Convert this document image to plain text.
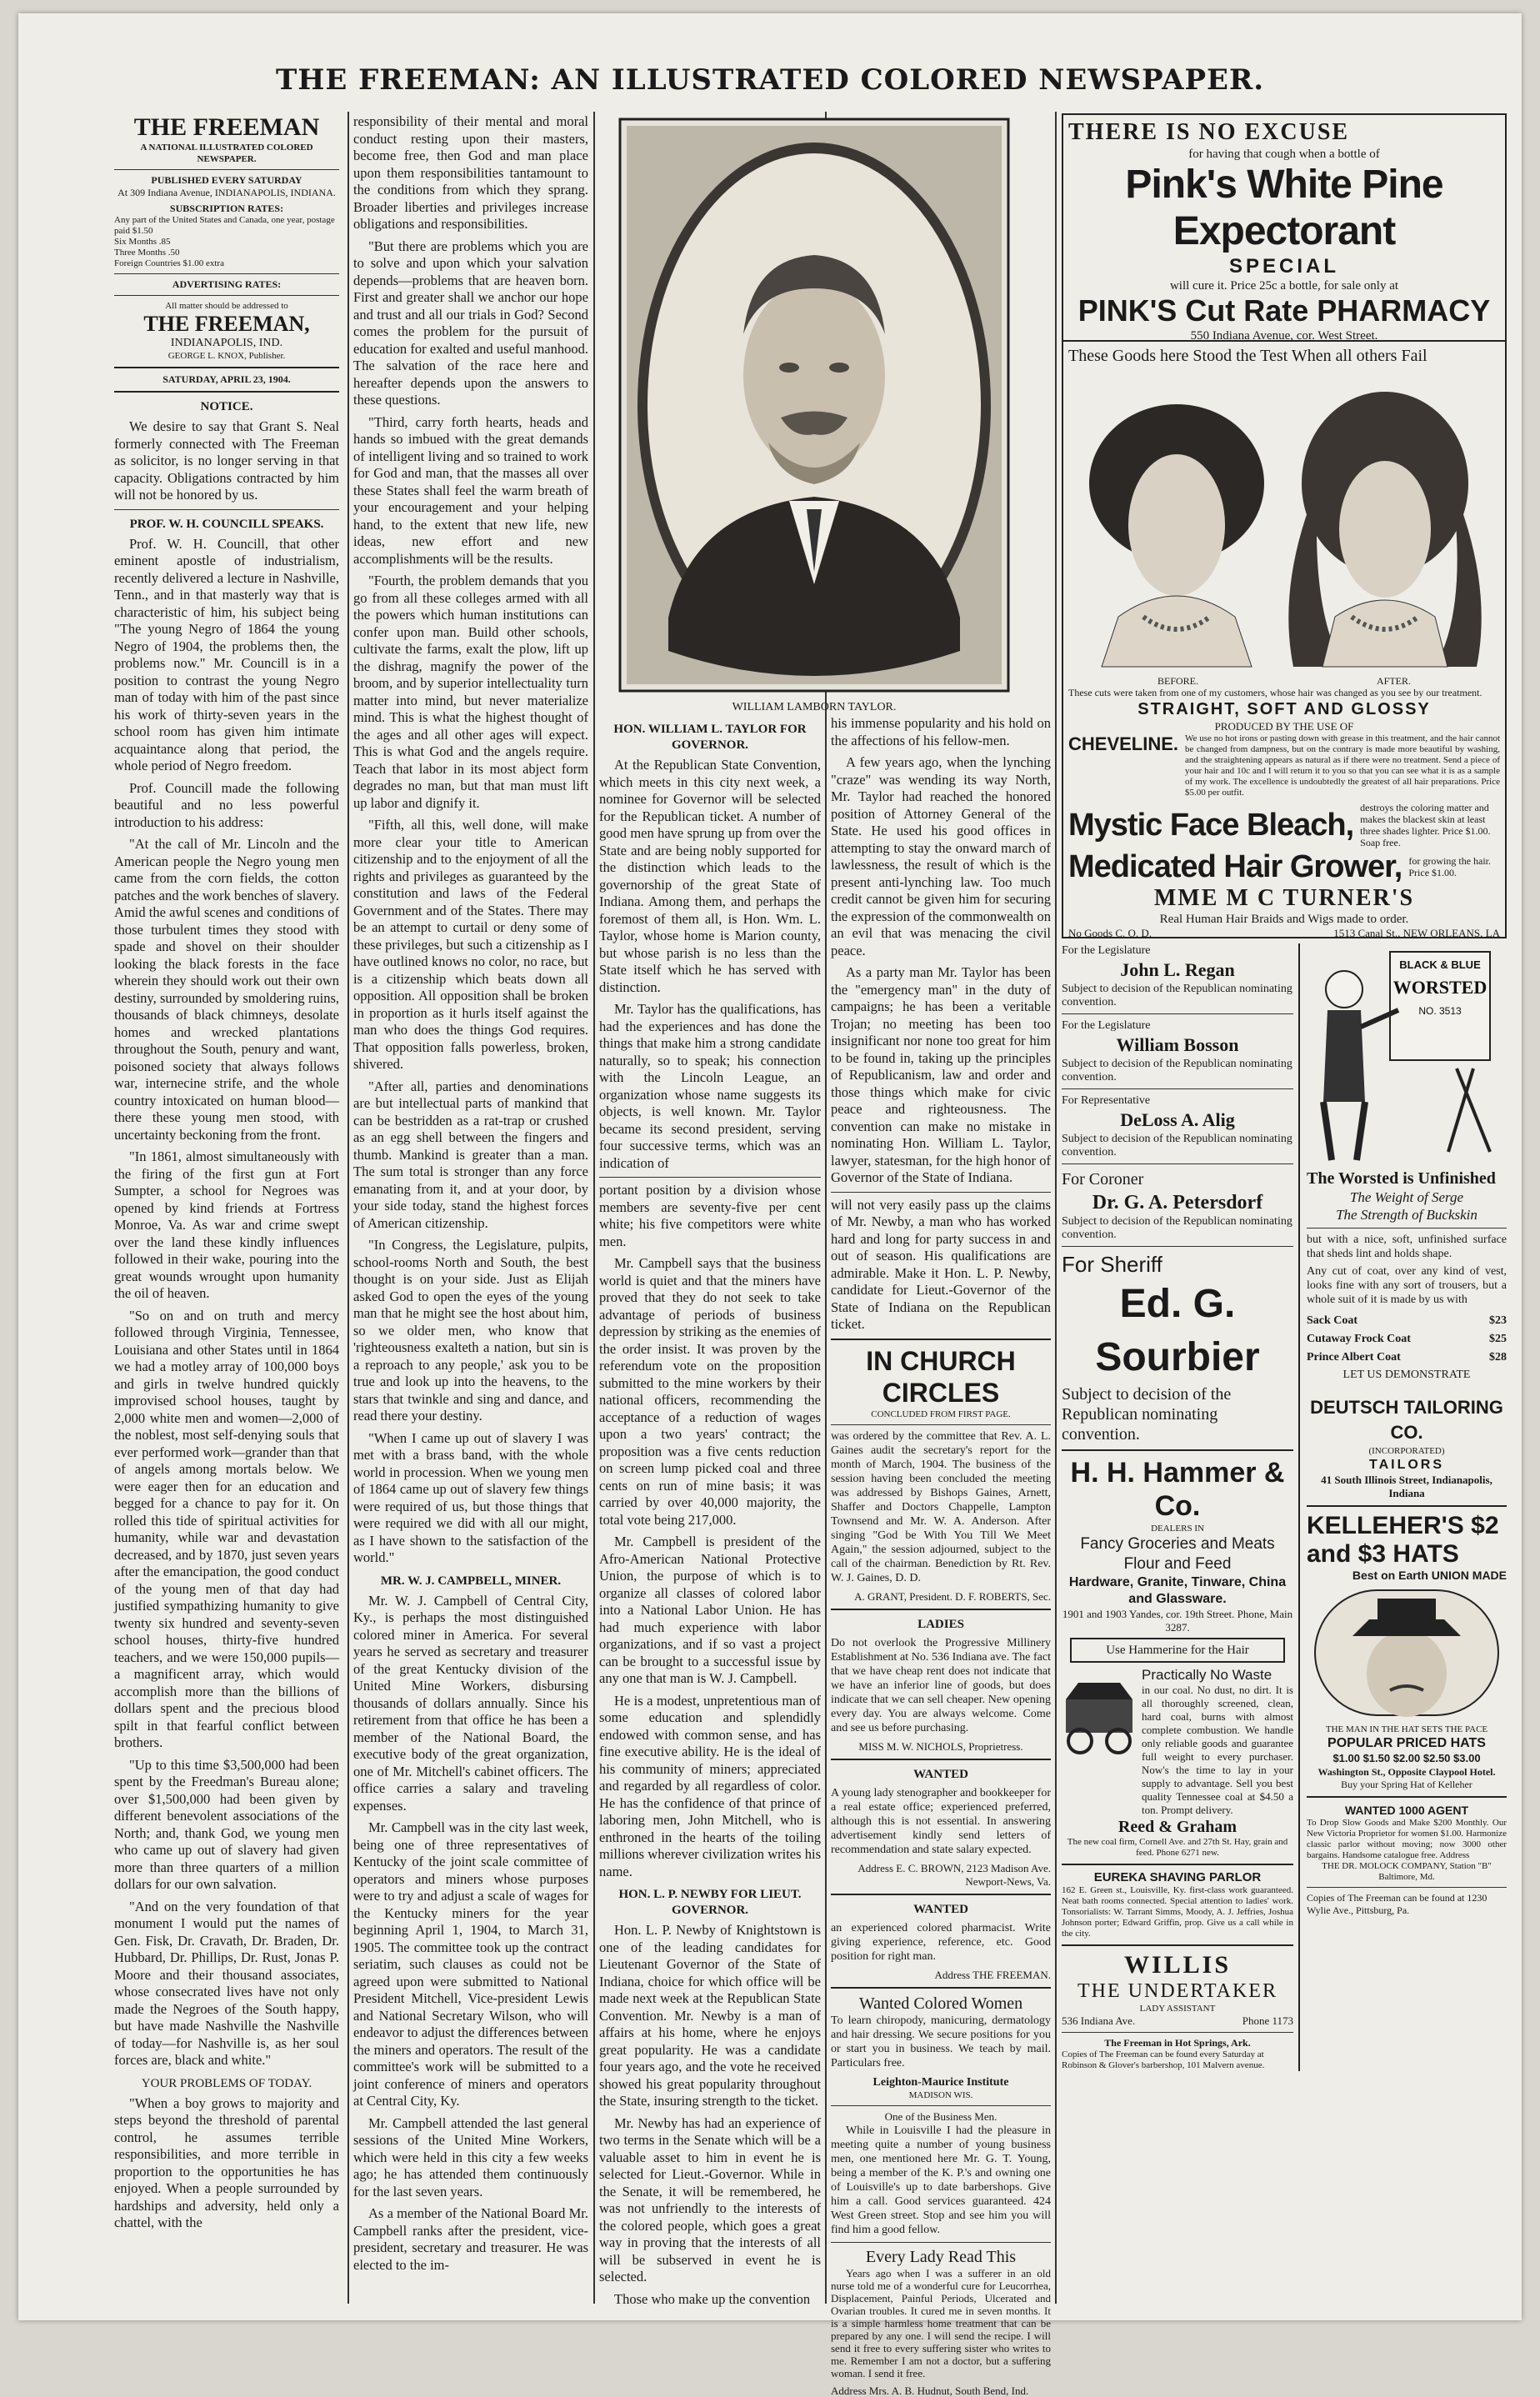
THE FREEMAN: AN ILLUSTRATED COLORED NEWSPAPER.
THE FREEMAN
A NATIONAL ILLUSTRATED COLORED NEWSPAPER.
PUBLISHED EVERY SATURDAY
At 309 Indiana Avenue, INDIANAPOLIS, INDIANA.
SUBSCRIPTION RATES:
Any part of the United States and Canada, one year, postage paid $1.50
Six Months .85
Three Months .50
Foreign Countries $1.00 extra
ADVERTISING RATES:
All matter should be addressed to
THE FREEMAN,
INDIANAPOLIS, IND.
GEORGE L. KNOX, Publisher.
SATURDAY, APRIL 23, 1904.
NOTICE.

We desire to say that Grant S. Neal formerly connected with The Freeman as solicitor, is no longer serving in that capacity. Obligations contracted by him will not be honored by us.

PROF. W. H. COUNCILL SPEAKS.

Prof. W. H. Councill, that other eminent apostle of industrialism, recently delivered a lecture in Nashville, Tenn., and in that masterly way that is characteristic of him, his subject being "The young Negro of 1864 the young Negro of 1904, the problems then, the problems now." Mr. Councill is in a position to contrast the young Negro man of today with him of the past since his work of thirty-seven years in the school room has given him intimate acquaintance along that period, the whole period of Negro freedom.

Prof. Councill made the following beautiful and no less powerful introduction to his address:

"At the call of Mr. Lincoln and the American people the Negro young men came from the corn fields, the cotton patches and the work benches of slavery. Amid the awful scenes and conditions of those turbulent times they stood with spade and shovel on their shoulder looking the black forests in the face wherein they should work out their own destiny, surrounded by smoldering ruins, thousands of black chimneys, desolate homes and wrecked plantations throughout the South, penury and want, poisoned society that always follows war, internecine strife, and the whole country intoxicated on human blood—there these young men stood, with uncertainty beckoning from the front.

"In 1861, almost simultaneously with the firing of the first gun at Fort Sumpter, a school for Negroes was opened by kind friends at Fortress Monroe, Va. As war and crime swept over the land these kindly influences followed in their wake, pouring into the great wounds wrought upon humanity the oil of heaven.

"So on and on truth and mercy followed through Virginia, Tennessee, Louisiana and other States until in 1864 we had a motley array of 100,000 boys and girls in twelve hundred quickly improvised school houses, taught by 2,000 white men and women—2,000 of the noblest, most self-denying souls that ever performed work—grander than that of angels among mortals below. We were eager then for an education and begged for a chance to pay for it. On rolled this tide of spiritual activities for humanity, while war and devastation decreased, and by 1870, just seven years after the emancipation, the good conduct of the young men of that day had justified sympathizing humanity to give twenty six hundred and seventy-seven school houses, thirty-five hundred teachers, and we were 150,000 pupils—a magnificent array, which would accomplish more than the billions of dollars spent and the precious blood spilt in that fearful conflict between brothers.

"Up to this time $3,500,000 had been spent by the Freedman's Bureau alone; over $1,500,000 had been given by different benevolent associations of the North; and, thank God, we young men who came up out of slavery had given more than three quarters of a million dollars for our own salvation.

"And on the very foundation of that monument I would put the names of Gen. Fisk, Dr. Cravath, Dr. Braden, Dr. Hubbard, Dr. Phillips, Dr. Rust, Jonas P. Moore and their thousand associates, whose consecrated lives have not only made the Negroes of the South happy, but have made Nashville the Nashville of today—for Nashville is, as her soul forces are, black and white."

YOUR PROBLEMS OF TODAY.

"When a boy grows to majority and steps beyond the threshold of parental control, he assumes terrible responsibilities, and more terrible in proportion to the opportunities he has enjoyed. When a people surrounded by hardships and adversity, held only a chattel, with the

responsibility of their mental and moral conduct resting upon their masters, become free, then God and man place upon them responsibilities tantamount to the conditions from which they sprang. Broader liberties and privileges increase obligations and responsibilities.

"But there are problems which you are to solve and upon which your salvation depends—problems that are heaven born. First and greater shall we anchor our hope and trust and all our trials in God? Second comes the problem for the pursuit of education for exalted and useful manhood. The salvation of the race here and hereafter depends upon the answers to these questions.

"Third, carry forth hearts, heads and hands so imbued with the great demands of intelligent living and so trained to work for God and man, that the masses all over these States shall feel the warm breath of your encouragement and your helping hand, to the extent that new life, new ideas, new effort and new accomplishments will be the results.

"Fourth, the problem demands that you go from all these colleges armed with all the powers which human institutions can confer upon man. Build other schools, cultivate the farms, exalt the plow, lift up the dishrag, magnify the power of the broom, and by superior intellectuality turn matter into mind, but never materialize mind. This is what the highest thought of the ages and all other ages will expect. This is what God and the angels require. Teach that labor in its most abject form degrades no man, but that man must lift up labor and dignify it.

"Fifth, all this, well done, will make more clear your title to American citizenship and to the enjoyment of all the rights and privileges as guaranteed by the constitution and laws of the Federal Government and of the States. There may be an attempt to curtail or deny some of these privileges, but such a citizenship as I have outlined knows no color, no race, but is a citizenship which beats down all opposition. All opposition shall be broken in proportion as it hurls itself against the man who does the things God requires. That opposition falls powerless, broken, shivered.

"After all, parties and denominations are but intellectual parts of mankind that can be bestridden as a rat-trap or crushed as an egg shell between the fingers and thumb. Mankind is greater than a man. The sum total is stronger than any force emanating from it, and at your door, by your side today, stand the highest forces of American citizenship.

"In Congress, the Legislature, pulpits, school-rooms North and South, the best thought is on your side. Just as Elijah asked God to open the eyes of the young man that he might see the host about him, so we older men, who know that 'righteousness exalteth a nation, but sin is a reproach to any people,' ask you to be true and look up into the heavens, to the stars that twinkle and sing and dance, and read there your destiny.

"When I came up out of slavery I was met with a brass band, with the whole world in procession. When we young men of 1864 came up out of slavery few things were required of us, but those things that were required we did with all our might, as I have shown to the satisfaction of the world."

MR. W. J. CAMPBELL, MINER.

Mr. W. J. Campbell of Central City, Ky., is perhaps the most distinguished colored miner in America. For several years he served as secretary and treasurer of the great Kentucky division of the United Mine Workers, disbursing thousands of dollars annually. Since his retirement from that office he has been a member of the National Board, the executive body of the great organization, one of Mr. Mitchell's cabinet officers. The office carries a salary and traveling expenses.

Mr. Campbell was in the city last week, being one of three representatives of Kentucky of the joint scale committee of operators and miners whose purposes were to try and adjust a scale of wages for the Kentucky miners for the year beginning April 1, 1904, to March 31, 1905. The committee took up the contract seriatim, such clauses as could not be agreed upon were submitted to National President Mitchell, Vice-president Lewis and National Secretary Wilson, who will endeavor to adjust the differences between the miners and operators. The result of the committee's work will be submitted to a joint conference of miners and operators at Central City, Ky.

Mr. Campbell attended the last general sessions of the United Mine Workers, which were held in this city a few weeks ago; he has attended them continuously for the last seven years.

As a member of the National Board Mr. Campbell ranks after the president, vice-president, secretary and treasurer. He was elected to the im-

WILLIAM LAMBORN TAYLOR.
HON. WILLIAM L. TAYLOR FOR GOVERNOR.

At the Republican State Convention, which meets in this city next week, a nominee for Governor will be selected for the Republican ticket. A number of good men have sprung up from over the State and are being nobly supported for the distinction which leads to the governorship of the great State of Indiana. Among them, and perhaps the foremost of them all, is Hon. Wm. L. Taylor, whose home is Marion county, but whose parish is no less than the State itself which he has served with distinction.

Mr. Taylor has the qualifications, has had the experiences and has done the things that make him a strong candidate naturally, so to speak; his connection with the Lincoln League, an organization whose name suggests its objects, is well known. Mr. Taylor became its second president, serving four successive terms, which was an indication of

portant position by a division whose members are seventy-five per cent white; his five competitors were white men.

Mr. Campbell says that the business world is quiet and that the miners have proved that they do not seek to take advantage of periods of business depression by striking as the enemies of the order insist. It was proven by the referendum vote on the proposition submitted to the mine workers by their national officers, recommending the acceptance of a reduction of wages upon a two years' contract; the proposition was a five cents reduction on screen lump picked coal and three cents on run of mine basis; it was carried by over 40,000 majority, the total vote being 217,000.

Mr. Campbell is president of the Afro-American National Protective Union, the purpose of which is to organize all classes of colored labor into a National Labor Union. He has had much experience with labor organizations, and if so vast a project can be brought to a successful issue by any one that man is W. J. Campbell.

He is a modest, unpretentious man of some education and splendidly endowed with common sense, and has fine executive ability. He is the ideal of his community of miners; appreciated and regarded by all regardless of color. He has the confidence of that prince of laboring men, John Mitchell, who is enthroned in the hearts of the toiling millions wherever civilization writes his name.

HON. L. P. NEWBY FOR LIEUT. GOVERNOR.

Hon. L. P. Newby of Knightstown is one of the leading candidates for Lieutenant Governor of the State of Indiana, choice for which office will be made next week at the Republican State Convention. Mr. Newby is a man of affairs at his home, where he enjoys great popularity. He was a candidate four years ago, and the vote he received showed his great popularity throughout the State, insuring strength to the ticket.

Mr. Newby has had an experience of two terms in the Senate which will be a valuable asset to him in event he is selected for Lieut.-Governor. While in the Senate, it will be remembered, he was not unfriendly to the interests of the colored people, which goes a great way in proving that the interests of all will be subserved in event he is selected.

Those who make up the convention

his immense popularity and his hold on the affections of his fellow-men.

A few years ago, when the lynching "craze" was wending its way North, Mr. Taylor had reached the honored position of Attorney General of the State. He used his good offices in attempting to stay the onward march of lawlessness, the result of which is the present anti-lynching law. Too much credit cannot be given him for securing the expression of the commonwealth on an evil that was menacing the civil peace.

As a party man Mr. Taylor has been the "emergency man" in the duty of campaigns; he has been a veritable Trojan; no meeting has been too insignificant nor none too great for him to be found in, taking up the principles of Republicanism, law and order and those things which make for civic peace and righteousness. The convention can make no mistake in nominating Hon. William L. Taylor, lawyer, statesman, for the high honor of Governor of the State of Indiana.

will not very easily pass up the claims of Mr. Newby, a man who has worked hard and long for party success in and out of season. His qualifications are admirable. Make it Hon. L. P. Newby, candidate for Lieut.-Governor of the State of Indiana on the Republican ticket.

IN CHURCH CIRCLES
CONCLUDED FROM FIRST PAGE.

was ordered by the committee that Rev. A. L. Gaines audit the secretary's report for the month of March, 1904. The business of the session having been concluded the meeting was addressed by Bishops Gaines, Arnett, Shaffer and Doctors Chappelle, Lampton Townsend and Mr. W. A. Anderson. After singing "God be With You Till We Meet Again," the session adjourned, subject to the call of the chairman. Benediction by Rt. Rev. W. J. Gaines, D. D.

A. GRANT, President. D. F. ROBERTS, Sec.
LADIES

Do not overlook the Progressive Millinery Establishment at No. 536 Indiana ave. The fact that we have cheap rent does not indicate that we have an inferior line of goods, but does indicate that we can sell cheaper. New opening every day. You are always welcome. Come and see us before purchasing.

MISS M. W. NICHOLS, Proprietress.
WANTED

A young lady stenographer and bookkeeper for a real estate office; experienced preferred, although this is not essential. In answering advertisement kindly send letters of recommendation and state salary expected.

Address E. C. BROWN, 2123 Madison Ave. Newport-News, Va.
WANTED

an experienced colored pharmacist. Write giving experience, reference, etc. Good position for right man.

Address THE FREEMAN.
Wanted Colored Women

To learn chiropody, manicuring, dermatology and hair dressing. We secure positions for you or start you in business. We teach by mail. Particulars free.

Leighton-Maurice Institute
MADISON WIS.
One of the Business Men.

While in Louisville I had the pleasure in meeting quite a number of young business men, one mentioned here Mr. G. T. Young, being a member of the K. P.'s and owning one of Louisville's up to date barbershops. Give him a call. Good services guaranteed. 424 West Green street. Stop and see him you will find him a good fellow.

Every Lady Read This

Years ago when I was a sufferer in an old nurse told me of a wonderful cure for Leucorrhea, Displacement, Painful Periods, Ulcerated and Ovarian troubles. It cured me in seven months. It is a simple harmless home treatment that can be prepared by any one. I will send the recipe. I will send it free to every suffering sister who writes to me. Remember I am not a doctor, but a suffering woman. I send it free.

Address Mrs. A. B. Hudnut, South Bend, Ind.
THERE IS NO EXCUSE
for having that cough when a bottle of
Pink's White Pine Expectorant
SPECIAL
will cure it. Price 25c a bottle, for sale only at
PINK'S Cut Rate PHARMACY
550 Indiana Avenue, cor. West Street.
These Goods here Stood the Test When all others Fail
BEFORE.	AFTER.
These cuts were taken from one of my customers, whose hair was changed as you see by our treatment.
STRAIGHT, SOFT AND GLOSSY
PRODUCED BY THE USE OF
CHEVELINE. We use no hot irons or pasting down with grease in this treatment, and the hair cannot be changed from dampness, but on the contrary is made more beautiful by washing, and the straightening appears as natural as if there were no treatment. Send a piece of your hair and 10c and I will return it to you so that you can see what it is as a sample of my work. The excellence is undoubtedly the greatest of all hair preparations. Price $5.00 per outfit.
Mystic Face Bleach, destroys the coloring matter and makes the blackest skin at least three shades lighter. Price $1.00. Soap free.
Medicated Hair Grower, for growing the hair. Price $1.00.
MME M C TURNER'S
Real Human Hair Braids and Wigs made to order.
No Goods C. O. D.	1513 Canal St., NEW ORLEANS, LA
For the Legislature
John L. Regan
Subject to decision of the Republican nominating convention.
For the Legislature
William Bosson
Subject to decision of the Republican nominating convention.
For Representative
DeLoss A. Alig
Subject to decision of the Republican nominating convention.
For Coroner
Dr. G. A. Petersdorf
Subject to decision of the Republican nominating convention.
For Sheriff
Ed. G. Sourbier
Subject to decision of the Republican nominating convention.
H. H. Hammer & Co.
DEALERS IN
Fancy Groceries and Meats
Flour and Feed
Hardware, Granite, Tinware, China and Glassware.
1901 and 1903 Yandes, cor. 19th Street. Phone, Main 3287.
Use Hammerine for the Hair
Practically No Waste
in our coal. No dust, no dirt. It is all thoroughly screened, clean, hard coal, burns with almost complete combustion. We handle only reliable goods and guarantee full weight to every purchaser. Now's the time to lay in your supply to advantage. Sell you best quality Tennessee coal at $4.50 a ton. Prompt delivery.
Reed & Graham
The new coal firm, Cornell Ave. and 27th St. Hay, grain and feed. Phone 6271 new.
EUREKA SHAVING PARLOR
162 E. Green st., Louisville, Ky. first-class work guaranteed. Neat bath rooms connected. Special attention to ladies' work. Tonsorialists: W. Tarrant Simms, Moody, A. J. Jeffries, Joshua Johnson porter; Edward Griffin, prop. Give us a call while in the city.
WILLIS
THE UNDERTAKER
LADY ASSISTANT
536 Indiana Ave.	Phone 1173
The Freeman in Hot Springs, Ark.
Copies of The Freeman can be found every Saturday at Robinson & Glover's barbershop, 101 Malvern avenue.
BLACK & BLUE
WORSTED
NO. 3513
The Worsted is Unfinished
The Weight of Serge
The Strength of Buckskin
but with a nice, soft, unfinished surface that sheds lint and holds shape.
Any cut of coat, over any kind of vest, looks fine with any sort of trousers, but a whole suit of it is made by us with
Sack Coat	$23
Cutaway Frock Coat	$25
Prince Albert Coat	$28
LET US DEMONSTRATE
DEUTSCH TAILORING CO.
(INCORPORATED)
TAILORS
41 South Illinois Street, Indianapolis, Indiana
KELLEHER'S $2 and $3 HATS
Best on Earth UNION MADE
THE MAN IN THE HAT SETS THE PACE
POPULAR PRICED HATS
$1.00 $1.50 $2.00 $2.50 $3.00
Washington St., Opposite Claypool Hotel.
Buy your Spring Hat of Kelleher
WANTED 1000 AGENT
To Drop Slow Goods and Make $200 Monthly. Our New Victoria Proprietor for women $1.00. Harmonize classic parlor without moving; now 3000 other bargains. Handsome catalogue free. Address
THE DR. MOLOCK COMPANY, Station "B" Baltimore, Md.
Copies of The Freeman can be found at 1230 Wylie Ave., Pittsburg, Pa.
